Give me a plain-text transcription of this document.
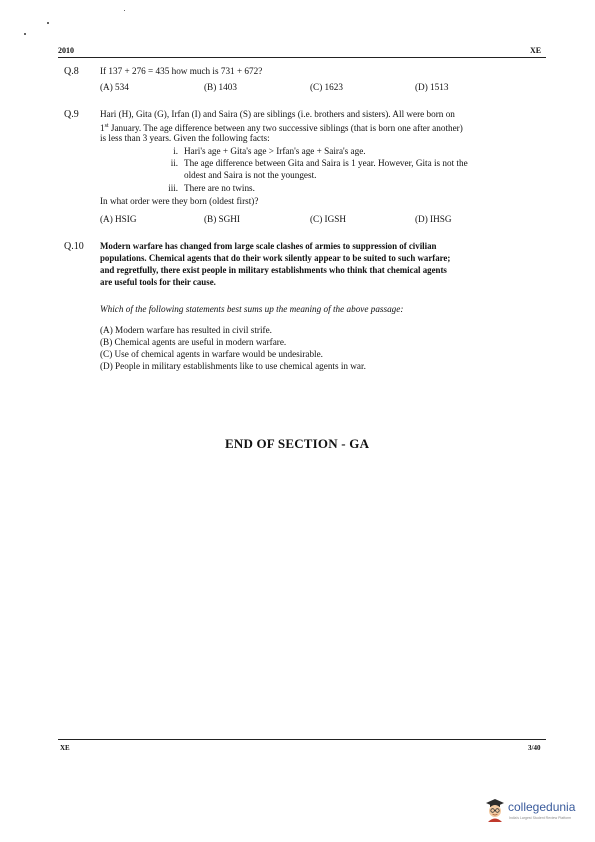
2010	XE
Q.8 If 137 + 276 = 435 how much is 731 + 672?
(A) 534	(B) 1403	(C) 1623	(D) 1513
Q.9 Hari (H), Gita (G), Irfan (I) and Saira (S) are siblings (i.e. brothers and sisters). All were born on
1st January. The age difference between any two successive siblings (that is born one after another)
is less than 3 years. Given the following facts:
i. Hari's age + Gita's age > Irfan's age + Saira's age.
ii. The age difference between Gita and Saira is 1 year. However, Gita is not the
oldest and Saira is not the youngest.
iii. There are no twins.
In what order were they born (oldest first)?
(A) HSIG	(B) SGHI	(C) IGSH	(D) IHSG
Q.10 Modern warfare has changed from large scale clashes of armies to suppression of civilian
populations. Chemical agents that do their work silently appear to be suited to such warfare;
and regretfully, there exist people in military establishments who think that chemical agents
are useful tools for their cause.
Which of the following statements best sums up the meaning of the above passage:
(A) Modern warfare has resulted in civil strife.
(B) Chemical agents are useful in modern warfare.
(C) Use of chemical agents in warfare would be undesirable.
(D) People in military establishments like to use chemical agents in war.
END OF SECTION - GA
XE	3/40
collegedunia
India's Largest Student Review Platform
